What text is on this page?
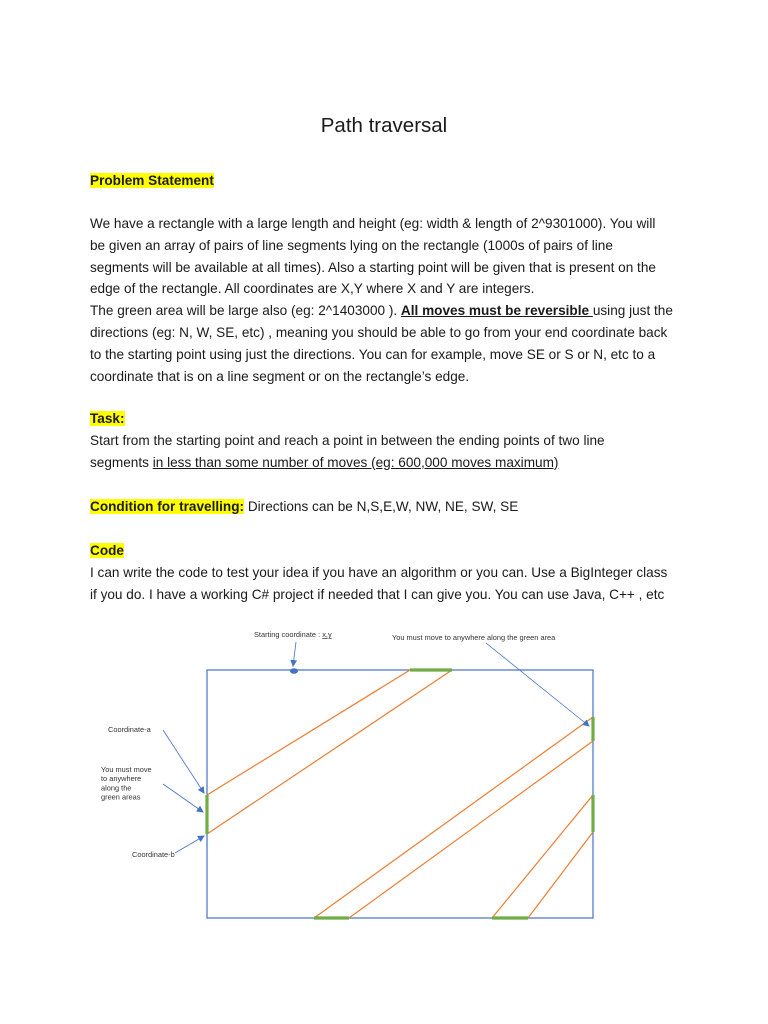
Path traversal
Problem Statement
We have a rectangle with a large length and height (eg: width & length of 2^9301000). You will
be given an array of pairs of line segments lying on the rectangle (1000s of pairs of line
segments will be available at all times). Also a starting point will be given that is present on the
edge of the rectangle. All coordinates are X,Y where X and Y are integers.
The green area will be large also (eg: 2^1403000 ). All moves must be reversible using just the
directions (eg: N, W, SE, etc) , meaning you should be able to go from your end coordinate back
to the starting point using just the directions. You can for example, move SE or S or N, etc to a
coordinate that is on a line segment or on the rectangle’s edge.
Task:
Start from the starting point and reach a point in between the ending points of two line
segments in less than some number of moves (eg: 600,000 moves maximum)
Condition for travelling: Directions can be N,S,E,W, NW, NE, SW, SE
Code
I can write the code to test your idea if you have an algorithm or you can. Use a BigInteger class
if you do. I have a working C# project if needed that I can give you. You can use Java, C++ , etc
Starting coordinate : x,y	You must move to anywhere along the green area
Coordinate-a
You must move to anywhere along the green areas
Coordinate-b
